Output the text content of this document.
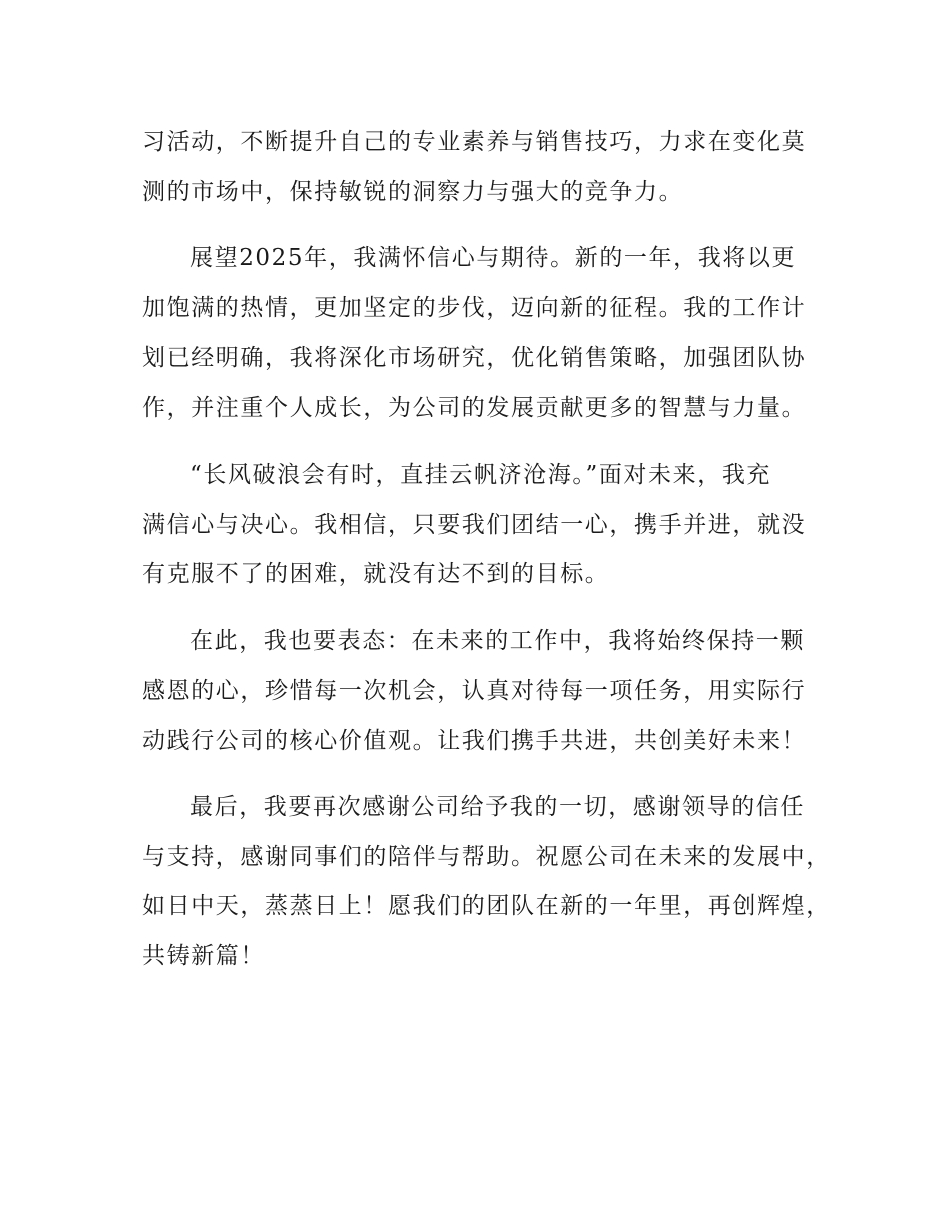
习活动，不断提升自己的专业素养与销售技巧，力求在变化莫
测的市场中，保持敏锐的洞察力与强大的竞争力。
展望2025年，我满怀信心与期待。新的一年，我将以更
加饱满的热情，更加坚定的步伐，迈向新的征程。我的工作计
划已经明确，我将深化市场研究，优化销售策略，加强团队协
作，并注重个人成长，为公司的发展贡献更多的智慧与力量。
“长风破浪会有时，直挂云帆济沧海。”面对未来，我充
满信心与决心。我相信，只要我们团结一心，携手并进，就没
有克服不了的困难，就没有达不到的目标。
在此，我也要表态：在未来的工作中，我将始终保持一颗
感恩的心，珍惜每一次机会，认真对待每一项任务，用实际行
动践行公司的核心价值观。让我们携手共进，共创美好未来！
最后，我要再次感谢公司给予我的一切，感谢领导的信任
与支持，感谢同事们的陪伴与帮助。祝愿公司在未来的发展中，
如日中天，蒸蒸日上！愿我们的团队在新的一年里，再创辉煌，
共铸新篇！
